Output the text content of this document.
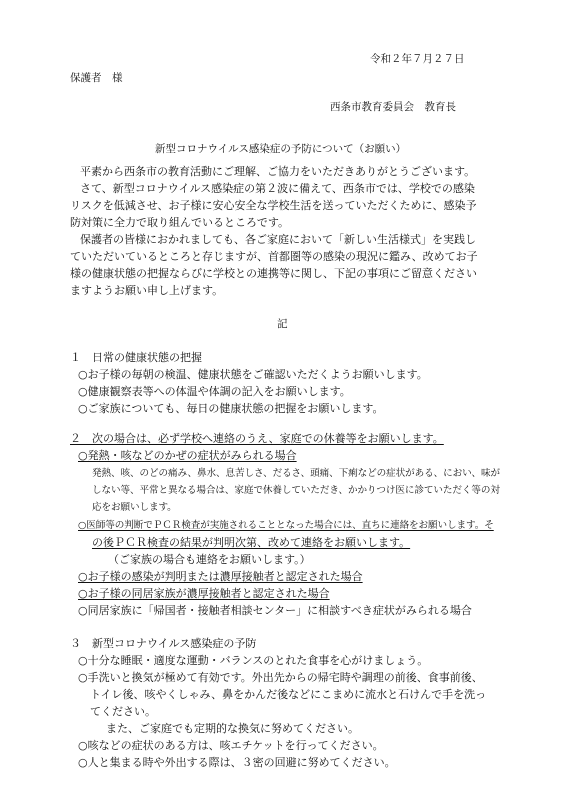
令和２年７月２７日
保護者　様
西条市教育委員会　教育長
新型コロナウイルス感染症の予防について（お願い）
平素から西条市の教育活動にご理解、ご協力をいただきありがとうございます。
さて、新型コロナウイルス感染症の第２波に備えて、西条市では、学校での感染
リスクを低減させ、お子様に安心安全な学校生活を送っていただくために、感染予
防対策に全力で取り組んでいるところです。
保護者の皆様におかれましても、各ご家庭において「新しい生活様式」を実践し
ていただいているところと存じますが、首都圏等の感染の現況に鑑み、改めてお子
様の健康状態の把握ならびに学校との連携等に関し、下記の事項にご留意ください
ますようお願い申し上げます。
記
１　日常の健康状態の把握
○お子様の毎朝の検温、健康状態をご確認いただくようお願いします。
○健康観察表等への体温や体調の記入をお願いします。
○ご家族についても、毎日の健康状態の把握をお願いします。
２　次の場合は、必ず学校へ連絡のうえ、家庭での休養等をお願いします。
○発熱・咳などのかぜの症状がみられる場合
発熱、咳、のどの痛み、鼻水、息苦しさ、だるさ、頭痛、下痢などの症状がある、におい、味が
しない等、平常と異なる場合は、家庭で休養していただき、かかりつけ医に診ていただく等の対
応をお願いします。
○医師等の判断でＰＣＲ検査が実施されることとなった場合には、直ちに連絡をお願いします。そ
の後ＰＣＲ検査の結果が判明次第、改めて連絡をお願いします。
（ご家族の場合も連絡をお願いします。）
○お子様の感染が判明または濃厚接触者と認定された場合
○お子様の同居家族が濃厚接触者と認定された場合
○同居家族に「帰国者・接触者相談センター」に相談すべき症状がみられる場合
３　新型コロナウイルス感染症の予防
○十分な睡眠・適度な運動・バランスのとれた食事を心がけましょう。
○手洗いと換気が極めて有効です。外出先からの帰宅時や調理の前後、食事前後、
トイレ後、咳やくしゃみ、鼻をかんだ後などにこまめに流水と石けんで手を洗っ
てください。
また、ご家庭でも定期的な換気に努めてください。
○咳などの症状のある方は、咳エチケットを行ってください。
○人と集まる時や外出する際は、３密の回避に努めてください。
